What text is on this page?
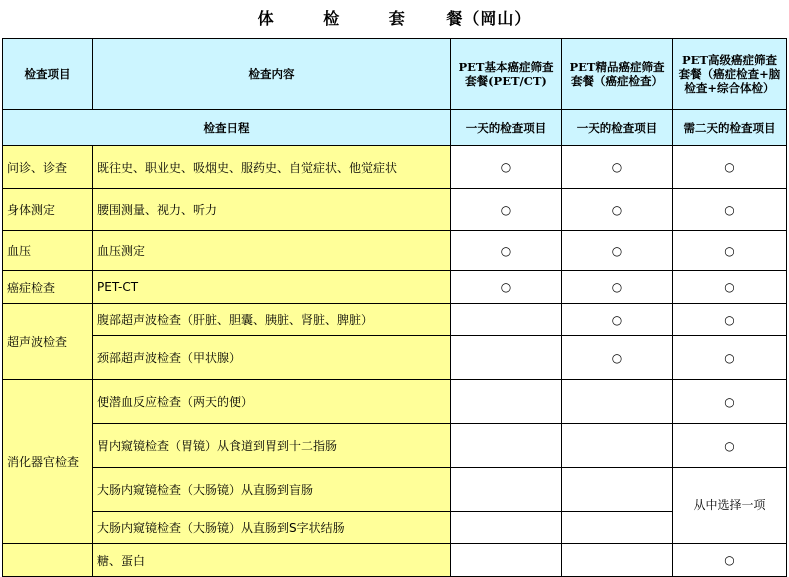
体	检	套	餐（岡山）
检查项目	检查内容	PET基本癌症筛查套餐(PET/CT)	PET精品癌症筛查套餐（癌症检查）	PET高级癌症筛查套餐（癌症检查+脑检查+综合体检）
检查日程		一天的检查项目	一天的检查项目	需二天的检查项目
问诊、诊查	既往史、职业史、吸烟史、服药史、自觉症状、他觉症状	○	○	○
身体测定	腰围测量、视力、听力	○	○	○
血压	血压测定	○	○	○
癌症检查	PET-CT	○	○	○
超声波检查	腹部超声波检查（肝脏、胆囊、胰脏、肾脏、脾脏）		○	○
	颈部超声波检查（甲状腺）		○	○
消化器官检查	便潜血反应检查（两天的便）			○
	胃内窥镜检查（胃镜）从食道到胃到十二指肠			○
	大肠内窥镜检查（大肠镜）从直肠到盲肠			从中选择一项
	大肠内窥镜检查（大肠镜）从直肠到S字状结肠			
	糖、蛋白			○
